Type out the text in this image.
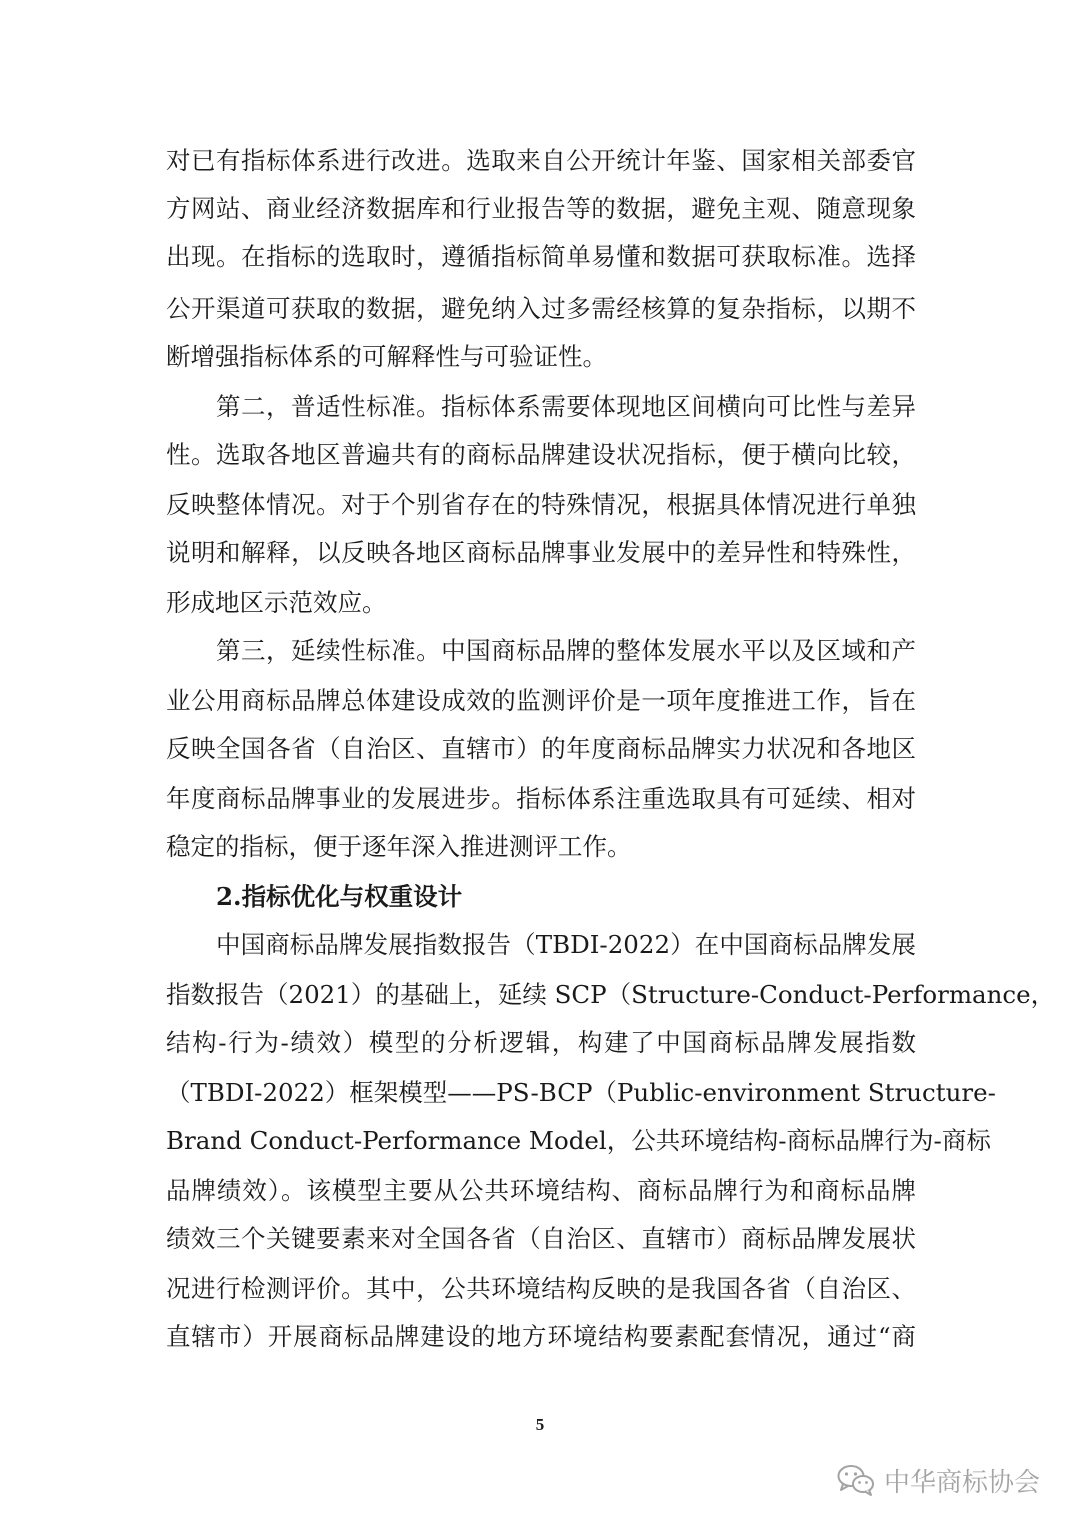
对已有指标体系进行改进。选取来自公开统计年鉴、国家相关部委官
方网站、商业经济数据库和行业报告等的数据，避免主观、随意现象
出现。在指标的选取时，遵循指标简单易懂和数据可获取标准。选择
公开渠道可获取的数据，避免纳入过多需经核算的复杂指标，以期不
断增强指标体系的可解释性与可验证性。
第二，普适性标准。指标体系需要体现地区间横向可比性与差异
性。选取各地区普遍共有的商标品牌建设状况指标，便于横向比较，
反映整体情况。对于个别省存在的特殊情况，根据具体情况进行单独
说明和解释，以反映各地区商标品牌事业发展中的差异性和特殊性，
形成地区示范效应。
第三，延续性标准。中国商标品牌的整体发展水平以及区域和产
业公用商标品牌总体建设成效的监测评价是一项年度推进工作，旨在
反映全国各省（自治区、直辖市）的年度商标品牌实力状况和各地区
年度商标品牌事业的发展进步。指标体系注重选取具有可延续、相对
稳定的指标，便于逐年深入推进测评工作。
2.指标优化与权重设计
中国商标品牌发展指数报告（TBDI-2022）在中国商标品牌发展
指数报告（2021）的基础上，延续 SCP（Structure-Conduct-Performance，
结构-行为-绩效）模型的分析逻辑，构建了中国商标品牌发展指数
（TBDI-2022）框架模型——PS-BCP（Public-environment Structure-
Brand Conduct-Performance Model，公共环境结构-商标品牌行为-商标
品牌绩效）。该模型主要从公共环境结构、商标品牌行为和商标品牌
绩效三个关键要素来对全国各省（自治区、直辖市）商标品牌发展状
况进行检测评价。其中，公共环境结构反映的是我国各省（自治区、
直辖市）开展商标品牌建设的地方环境结构要素配套情况，通过“商
5
中华商标协会
